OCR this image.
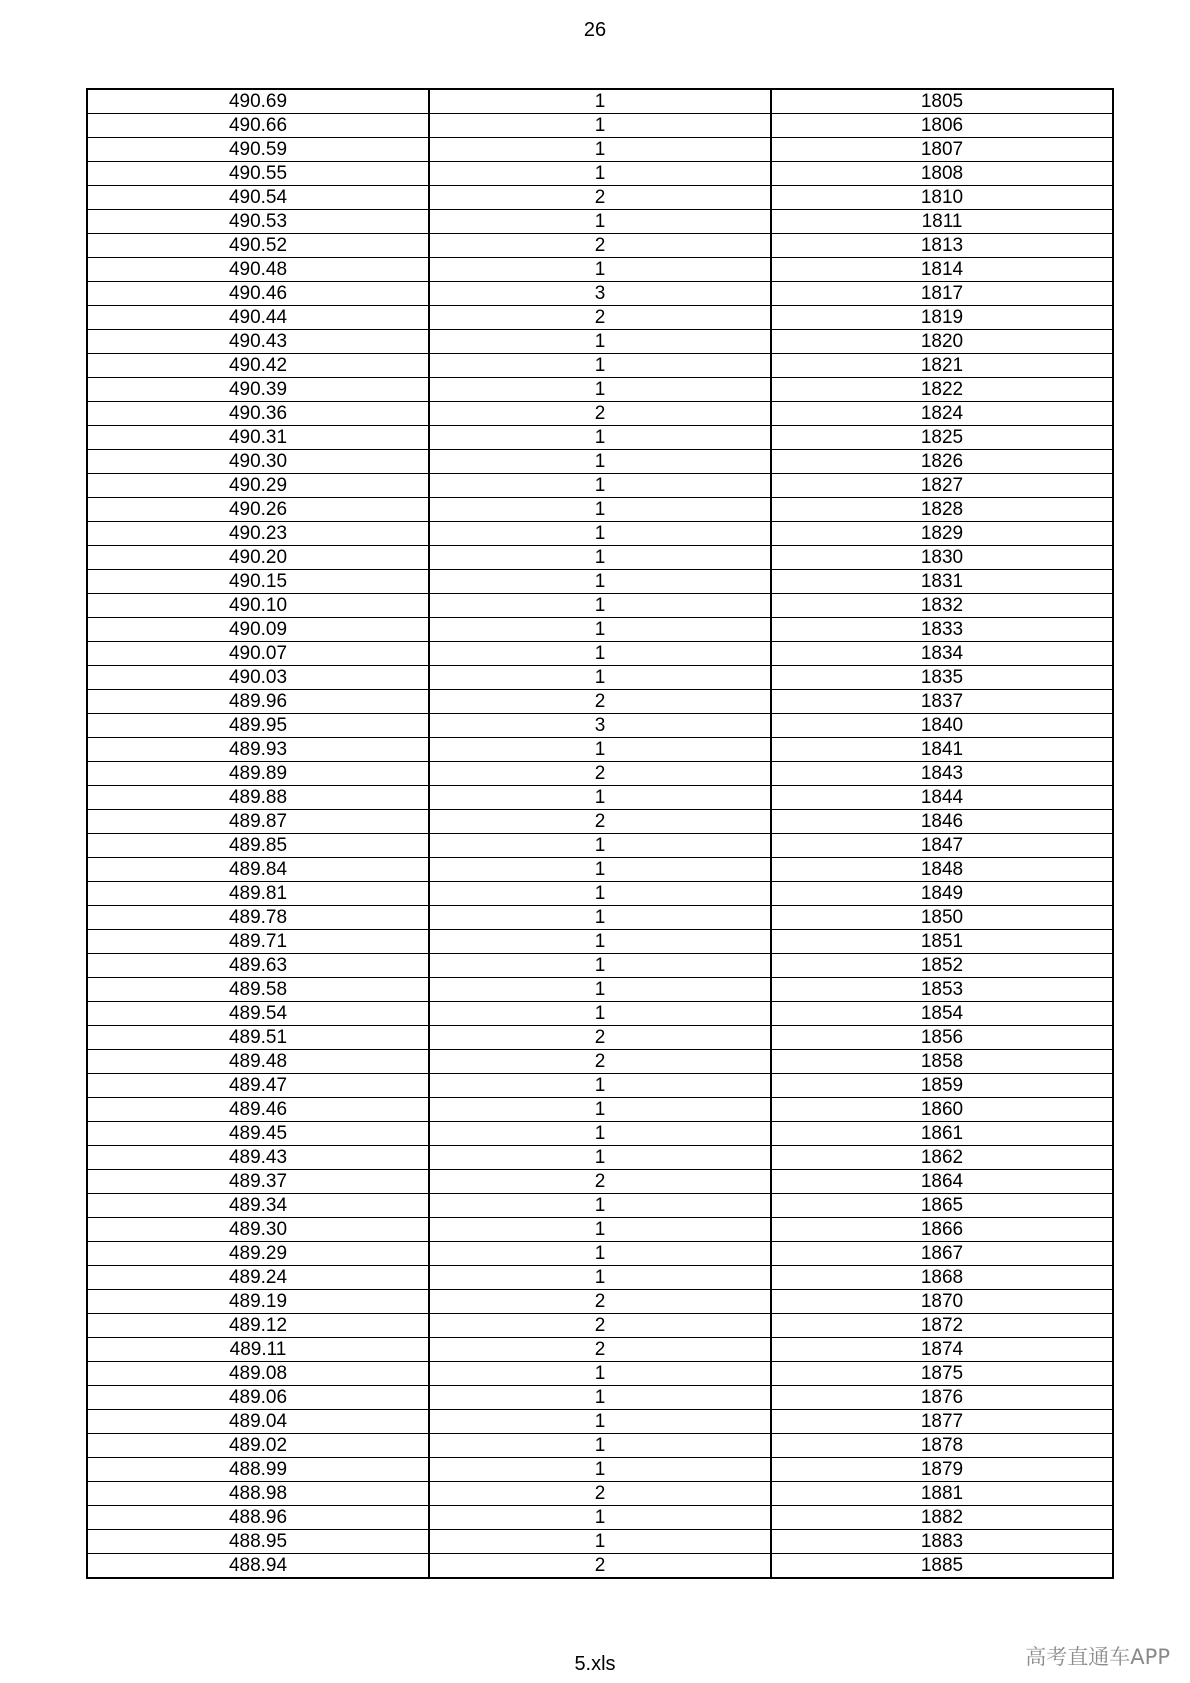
26
490.69	1	1805
490.66	1	1806
490.59	1	1807
490.55	1	1808
490.54	2	1810
490.53	1	1811
490.52	2	1813
490.48	1	1814
490.46	3	1817
490.44	2	1819
490.43	1	1820
490.42	1	1821
490.39	1	1822
490.36	2	1824
490.31	1	1825
490.30	1	1826
490.29	1	1827
490.26	1	1828
490.23	1	1829
490.20	1	1830
490.15	1	1831
490.10	1	1832
490.09	1	1833
490.07	1	1834
490.03	1	1835
489.96	2	1837
489.95	3	1840
489.93	1	1841
489.89	2	1843
489.88	1	1844
489.87	2	1846
489.85	1	1847
489.84	1	1848
489.81	1	1849
489.78	1	1850
489.71	1	1851
489.63	1	1852
489.58	1	1853
489.54	1	1854
489.51	2	1856
489.48	2	1858
489.47	1	1859
489.46	1	1860
489.45	1	1861
489.43	1	1862
489.37	2	1864
489.34	1	1865
489.30	1	1866
489.29	1	1867
489.24	1	1868
489.19	2	1870
489.12	2	1872
489.11	2	1874
489.08	1	1875
489.06	1	1876
489.04	1	1877
489.02	1	1878
488.99	1	1879
488.98	2	1881
488.96	1	1882
488.95	1	1883
488.94	2	1885
5.xls	高考直通车APP
